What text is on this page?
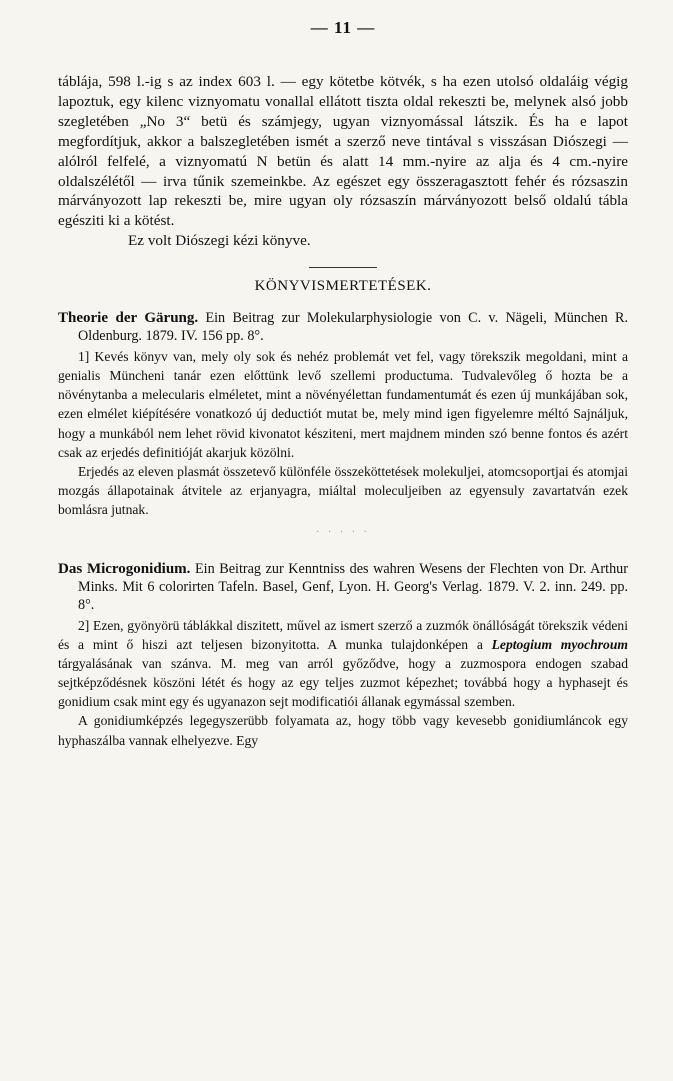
— 11 —

táblája, 598 l.-ig s az index 603 l. — egy kötetbe kötvék, s ha ezen utolsó oldaláig végig lapoztuk, egy kilenc viznyomatu vonallal ellátott tiszta oldal rekeszti be, melynek alsó jobb szegletében „No 3“ betü és számjegy, ugyan viznyomással látszik. És ha e lapot megfordítjuk, akkor a balszegletében ismét a szerző neve tintával s visszásan Diószegi — alólról felfelé, a viznyomatú N betün és alatt 14 mm.-nyire az alja és 4 cm.-nyire oldalszélétől — irva tűnik szemeinkbe. Az egészet egy összeragasztott fehér és rózsaszin márványozott lap rekeszti be, mire ugyan oly rózsaszín márványozott belső oldalú tábla egésziti ki a kötést.

Ez volt Diószegi kézi könyve.

KÖNYVISMERTETÉSEK.

Theorie der Gärung. Ein Beitrag zur Molekularphysiologie von C. v. Nägeli, München R. Oldenburg. 1879. IV. 156 pp. 8°.

1] Kevés könyv van, mely oly sok és nehéz problemát vet fel, vagy törekszik megoldani, mint a genialis Müncheni tanár ezen előttünk levő szellemi productuma. Tudvalevőleg ő hozta be a növénytanba a melecularis elméletet, mint a növényélettan fundamentumát és ezen új munkájában sok, ezen elmélet kiépítésére vonatkozó új deductiót mutat be, mely mind igen figyelemre méltó Sajnáljuk, hogy a munkából nem lehet rövid kivonatot késziteni, mert majdnem minden szó benne fontos és azért csak az erjedés definitióját akarjuk közölni.

Erjedés az eleven plasmát összetevő különféle összeköttetések molekuljei, atomcsoportjai és atomjai mozgás állapotainak átvitele az erjanyagra, miáltal moleculjeiben az egyensuly zavartatván ezek bomlásra jutnak.

· · · · ·

Das Microgonidium. Ein Beitrag zur Kenntniss des wahren Wesens der Flechten von Dr. Arthur Minks. Mit 6 colorirten Tafeln. Basel, Genf, Lyon. H. Georg's Verlag. 1879. V. 2. inn. 249. pp. 8°.

2] Ezen, gyönyörü táblákkal diszitett, művel az ismert szerző a zuzmók önállóságát törekszik védeni és a mint ő hiszi azt teljesen bizonyitotta. A munka tulajdonképen a Leptogium myochroum tárgyalásának van szánva. M. meg van arról győződve, hogy a zuzmospora endogen szabad sejtképződésnek köszöni létét és hogy az egy teljes zuzmot képezhet; továbbá hogy a hyphasejt és gonidium csak mint egy és ugyanazon sejt modificatiói állanak egymással szemben.

A gonidiumképzés legegyszerübb folyamata az, hogy több vagy kevesebb gonidiumláncok egy hyphaszálba vannak elhelyezve. Egy
